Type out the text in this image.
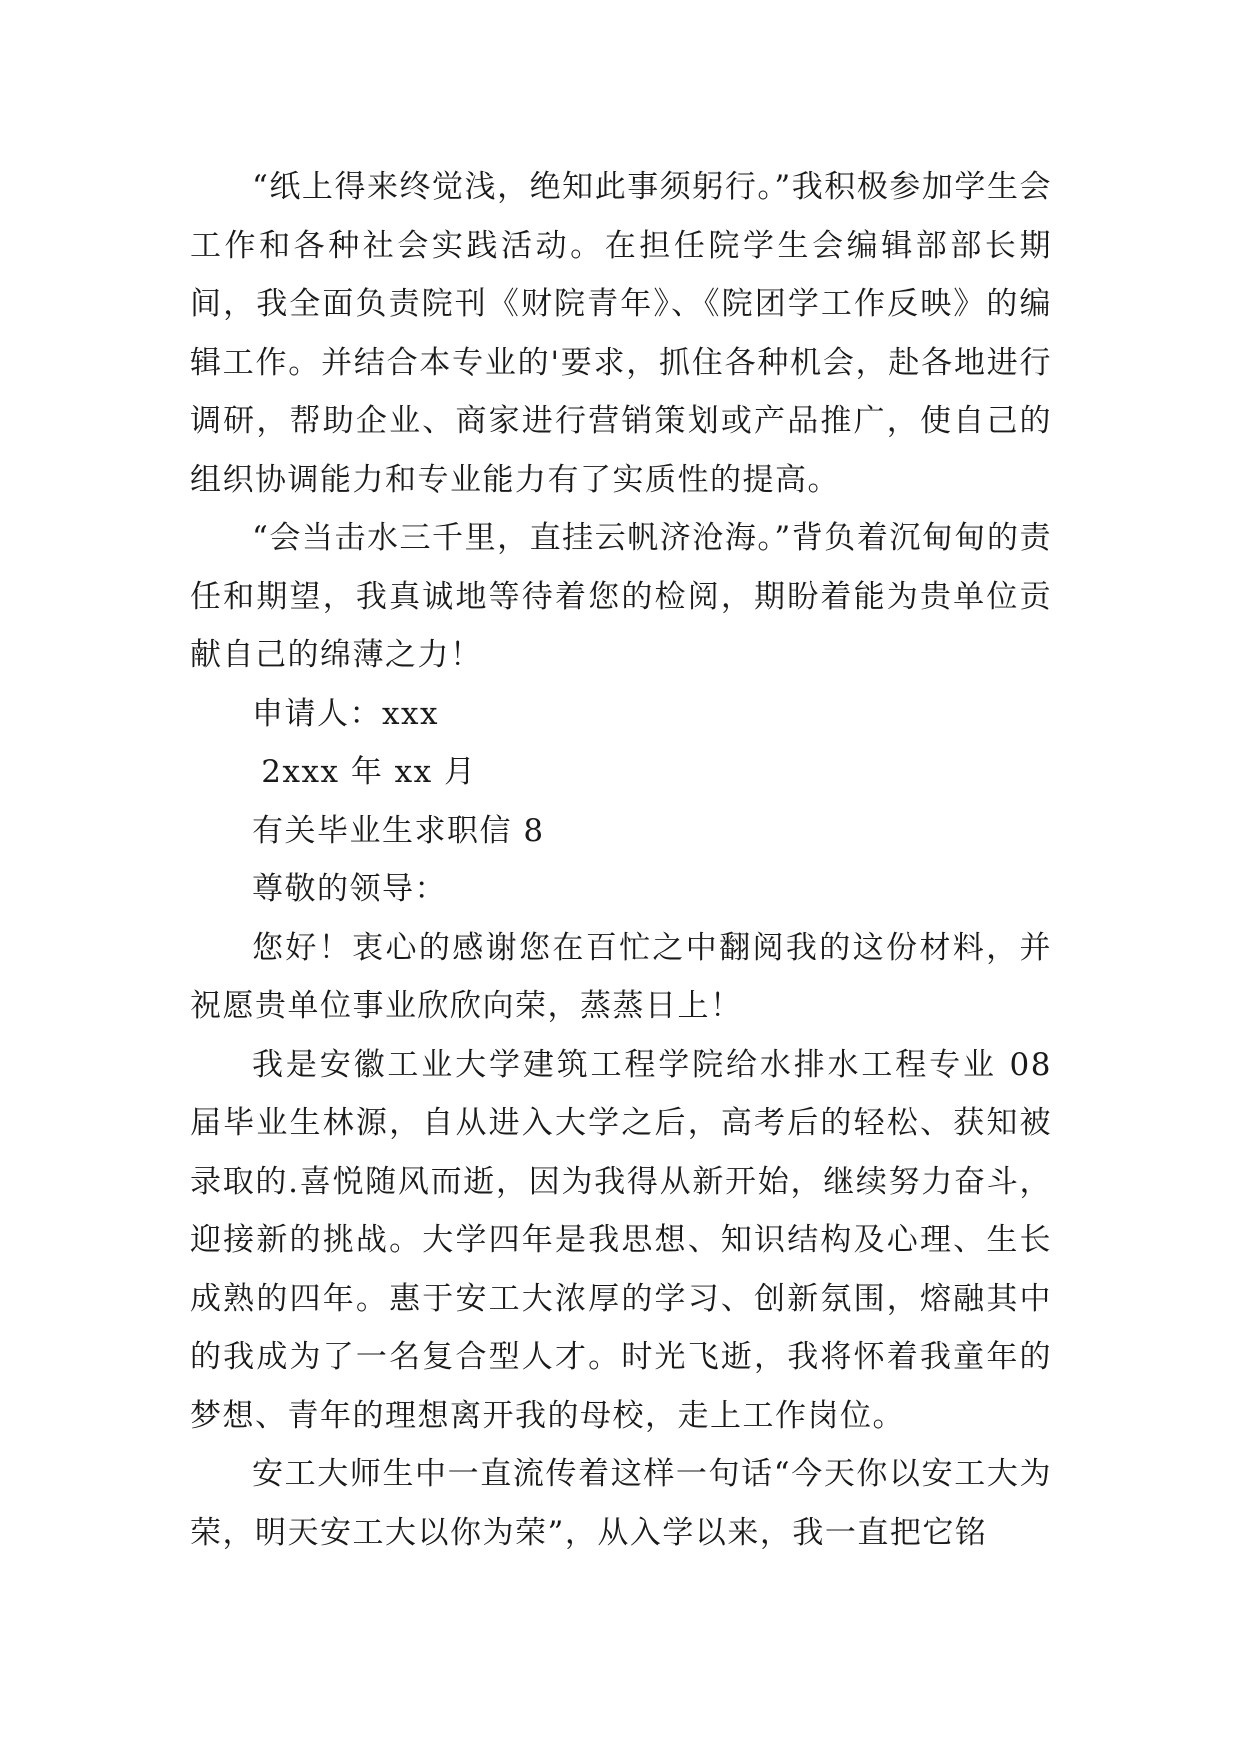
“纸上得来终觉浅，绝知此事须躬行。”我积极参加学生会工作和各种社会实践活动。在担任院学生会编辑部部长期间，我全面负责院刊《财院青年》、《院团学工作反映》的编辑工作。并结合本专业的'要求，抓住各种机会，赴各地进行调研，帮助企业、商家进行营销策划或产品推广，使自己的组织协调能力和专业能力有了实质性的提高。

“会当击水三千里，直挂云帆济沧海。”背负着沉甸甸的责任和期望，我真诚地等待着您的检阅，期盼着能为贵单位贡献自己的绵薄之力！

申请人：xxx

2xxx 年 xx 月

有关毕业生求职信 8

尊敬的领导：

您好！衷心的感谢您在百忙之中翻阅我的这份材料，并祝愿贵单位事业欣欣向荣，蒸蒸日上！

我是安徽工业大学建筑工程学院给水排水工程专业 08 届毕业生林源，自从进入大学之后，高考后的轻松、获知被录取的.喜悦随风而逝，因为我得从新开始，继续努力奋斗，迎接新的挑战。大学四年是我思想、知识结构及心理、生长成熟的四年。惠于安工大浓厚的学习、创新氛围，熔融其中的我成为了一名复合型人才。时光飞逝，我将怀着我童年的梦想、青年的理想离开我的母校，走上工作岗位。

安工大师生中一直流传着这样一句话“今天你以安工大为荣，明天安工大以你为荣”，从入学以来，我一直把它铭
